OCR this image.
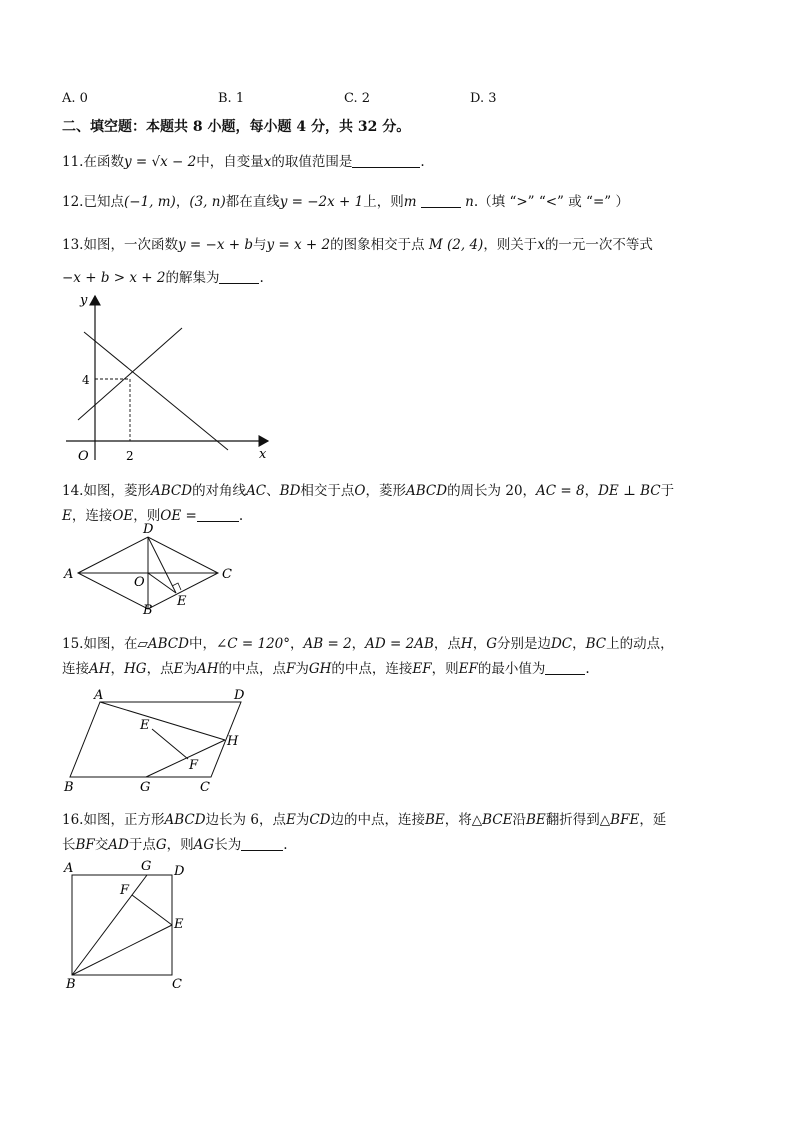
A. 0	B. 1	C. 2	D. 3
二、填空题：本题共 8 小题，每小题 4 分，共 32 分。
11.在函数y = √x − 2中，自变量x的取值范围是	.
12.已知点(−1, m)，(3, n)都在直线y = −2x + 1上，则m	n.（填 “>” “<” 或 “=” ）
13.如图，一次函数y = −x + b与y = x + 2的图象相交于点 M (2, 4)，则关于x的一元一次不等式
−x + b > x + 2的解集为	.
y
x
O
4
2
14.如图，菱形ABCD的对角线AC、BD相交于点O，菱形ABCD的周长为 20，AC = 8，DE ⊥ BC于
E，连接OE，则OE =	.
A
D
C
B
O
E
15.如图，在▱ABCD中，∠C = 120°，AB = 2，AD = 2AB，点H，G分别是边DC，BC上的动点，
连接AH，HG，点E为AH的中点，点F为GH的中点，连接EF，则EF的最小值为	.
A	D
B	C
E
H
F
G
16.如图，正方形ABCD边长为 6，点E为CD边的中点，连接BE，将△BCE沿BE翻折得到△BFE，延
长BF交AD于点G，则AG长为	.
A	G D
F
E
B	C
